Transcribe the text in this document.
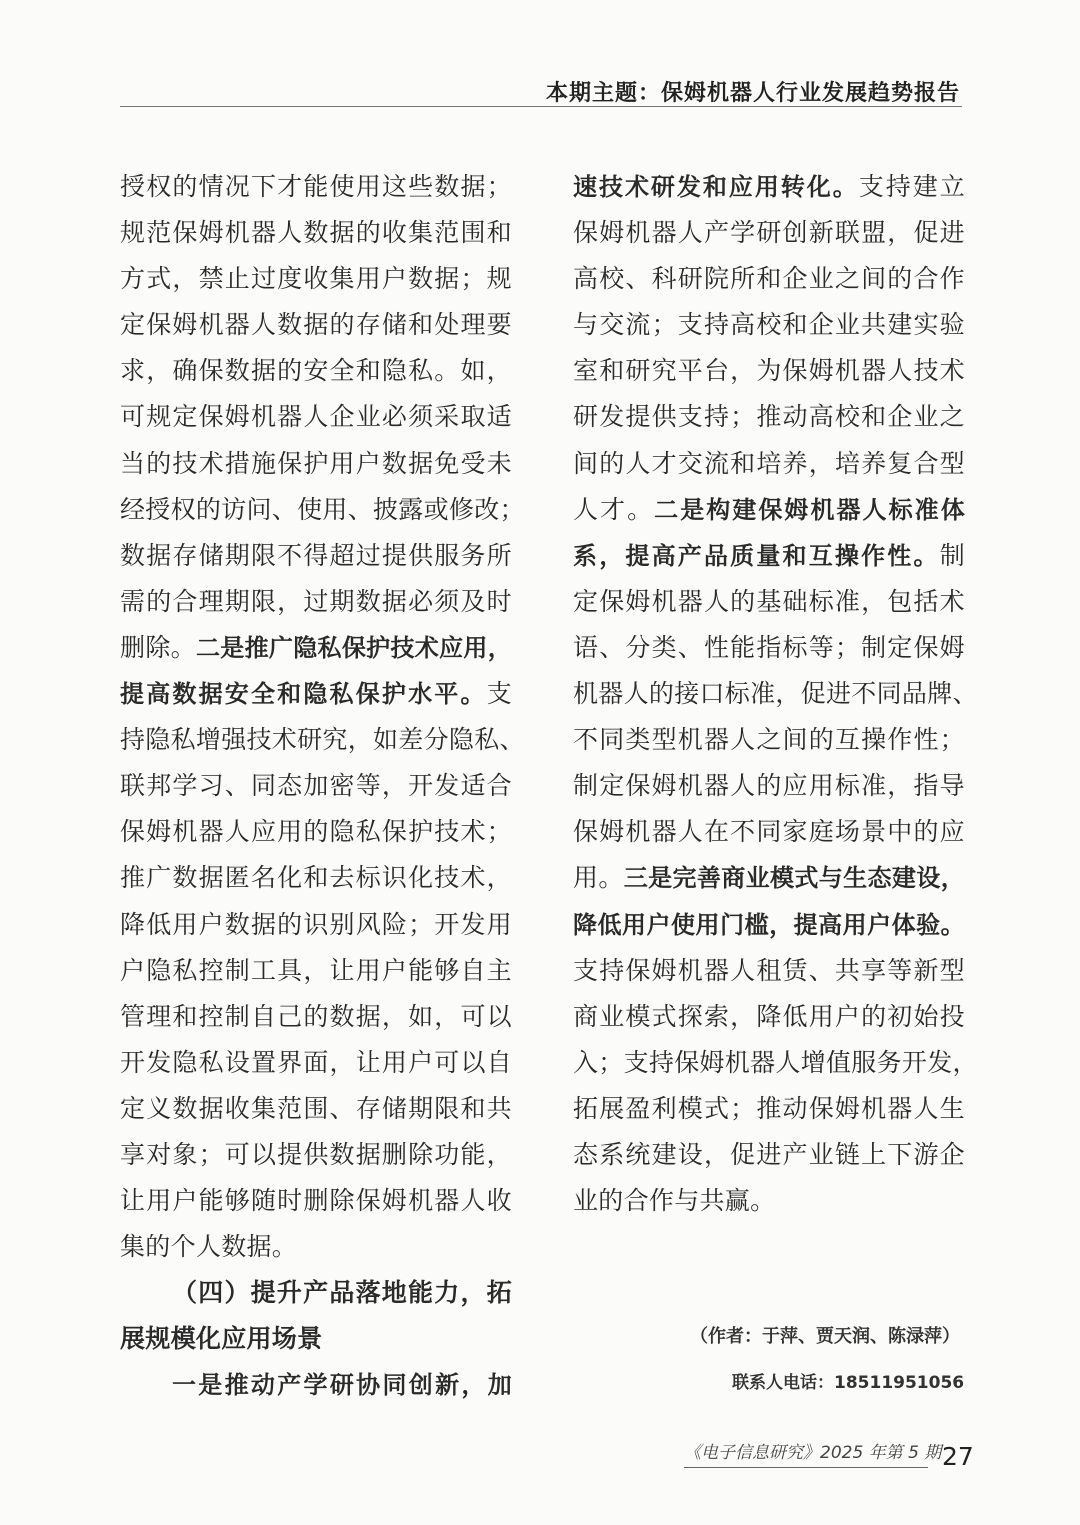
本期主题：保姆机器人行业发展趋势报告
授权的情况下才能使用这些数据；
规范保姆机器人数据的收集范围和
方式，禁止过度收集用户数据；规
定保姆机器人数据的存储和处理要
求，确保数据的安全和隐私。如，
可规定保姆机器人企业必须采取适
当的技术措施保护用户数据免受未
经授权的访问、使用、披露或修改；
数据存储期限不得超过提供服务所
需的合理期限，过期数据必须及时
删除。二是推广隐私保护技术应用，
提高数据安全和隐私保护水平。支
持隐私增强技术研究，如差分隐私、
联邦学习、同态加密等，开发适合
保姆机器人应用的隐私保护技术；
推广数据匿名化和去标识化技术，
降低用户数据的识别风险；开发用
户隐私控制工具，让用户能够自主
管理和控制自己的数据，如，可以
开发隐私设置界面，让用户可以自
定义数据收集范围、存储期限和共
享对象；可以提供数据删除功能，
让用户能够随时删除保姆机器人收
集的个人数据。
（四）提升产品落地能力，拓
展规模化应用场景
一是推动产学研协同创新，加
速技术研发和应用转化。支持建立
保姆机器人产学研创新联盟，促进
高校、科研院所和企业之间的合作
与交流；支持高校和企业共建实验
室和研究平台，为保姆机器人技术
研发提供支持；推动高校和企业之
间的人才交流和培养，培养复合型
人才。二是构建保姆机器人标准体
系，提高产品质量和互操作性。制
定保姆机器人的基础标准，包括术
语、分类、性能指标等；制定保姆
机器人的接口标准，促进不同品牌、
不同类型机器人之间的互操作性；
制定保姆机器人的应用标准，指导
保姆机器人在不同家庭场景中的应
用。三是完善商业模式与生态建设，
降低用户使用门槛，提高用户体验。
支持保姆机器人租赁、共享等新型
商业模式探索，降低用户的初始投
入；支持保姆机器人增值服务开发，
拓展盈利模式；推动保姆机器人生
态系统建设，促进产业链上下游企
业的合作与共赢。
（作者：于萍、贾天润、陈渌萍）
联系人电话：18511951056
《电子信息研究》2025 年第 5 期 27
